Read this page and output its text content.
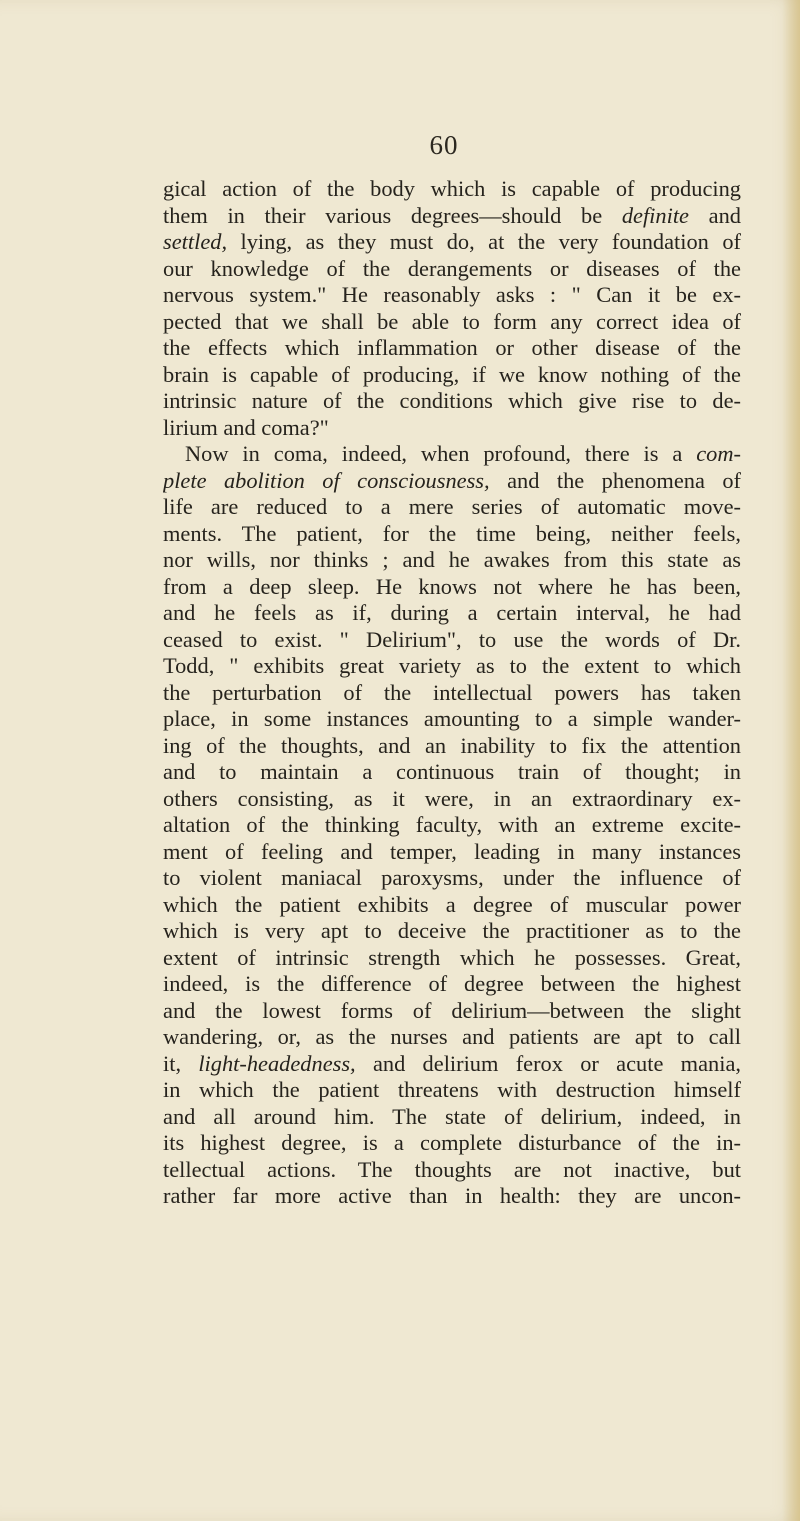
60
gical action of the body which is capable of producing
them in their various degrees—should be definite and
settled, lying, as they must do, at the very foundation of
our knowledge of the derangements or diseases of the
nervous system." He reasonably asks : " Can it be ex-
pected that we shall be able to form any correct idea of
the effects which inflammation or other disease of the
brain is capable of producing, if we know nothing of the
intrinsic nature of the conditions which give rise to de-
lirium and coma?"
Now in coma, indeed, when profound, there is a com-
plete abolition of consciousness, and the phenomena of
life are reduced to a mere series of automatic move-
ments. The patient, for the time being, neither feels,
nor wills, nor thinks ; and he awakes from this state as
from a deep sleep. He knows not where he has been,
and he feels as if, during a certain interval, he had
ceased to exist. " Delirium", to use the words of Dr.
Todd, " exhibits great variety as to the extent to which
the perturbation of the intellectual powers has taken
place, in some instances amounting to a simple wander-
ing of the thoughts, and an inability to fix the attention
and to maintain a continuous train of thought; in
others consisting, as it were, in an extraordinary ex-
altation of the thinking faculty, with an extreme excite-
ment of feeling and temper, leading in many instances
to violent maniacal paroxysms, under the influence of
which the patient exhibits a degree of muscular power
which is very apt to deceive the practitioner as to the
extent of intrinsic strength which he possesses. Great,
indeed, is the difference of degree between the highest
and the lowest forms of delirium—between the slight
wandering, or, as the nurses and patients are apt to call
it, light-headedness, and delirium ferox or acute mania,
in which the patient threatens with destruction himself
and all around him. The state of delirium, indeed, in
its highest degree, is a complete disturbance of the in-
tellectual actions. The thoughts are not inactive, but
rather far more active than in health: they are uncon-
